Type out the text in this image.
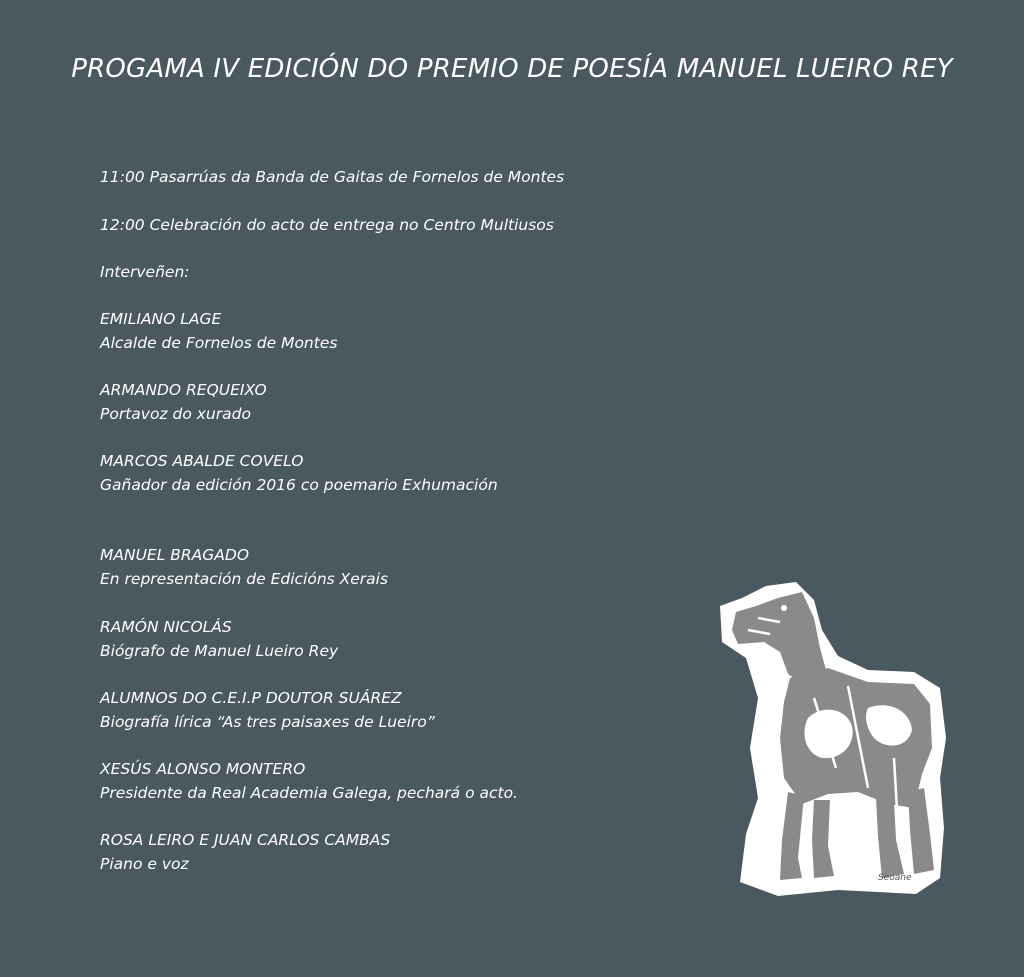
PROGAMA IV EDICIÓN DO PREMIO DE POESÍA MANUEL LUEIRO REY
11:00 Pasarrúas da Banda de Gaitas de Fornelos de Montes
12:00 Celebración do acto de entrega no Centro Multiusos
Interveñen:
EMILIANO LAGE
Alcalde de Fornelos de Montes
ARMANDO REQUEIXO
Portavoz do xurado
MARCOS ABALDE COVELO
Gañador da edición 2016 co poemario Exhumación
MANUEL BRAGADO
En representación de Edicións Xerais
RAMÓN NICOLÁS
Biógrafo de Manuel Lueiro Rey
ALUMNOS DO C.E.I.P DOUTOR SUÁREZ
Biografía lírica “As tres paisaxes de Lueiro”
XESÚS ALONSO MONTERO
Presidente da Real Academia Galega, pechará o acto.
ROSA LEIRO E JUAN CARLOS CAMBAS
Piano e voz
Seoane
